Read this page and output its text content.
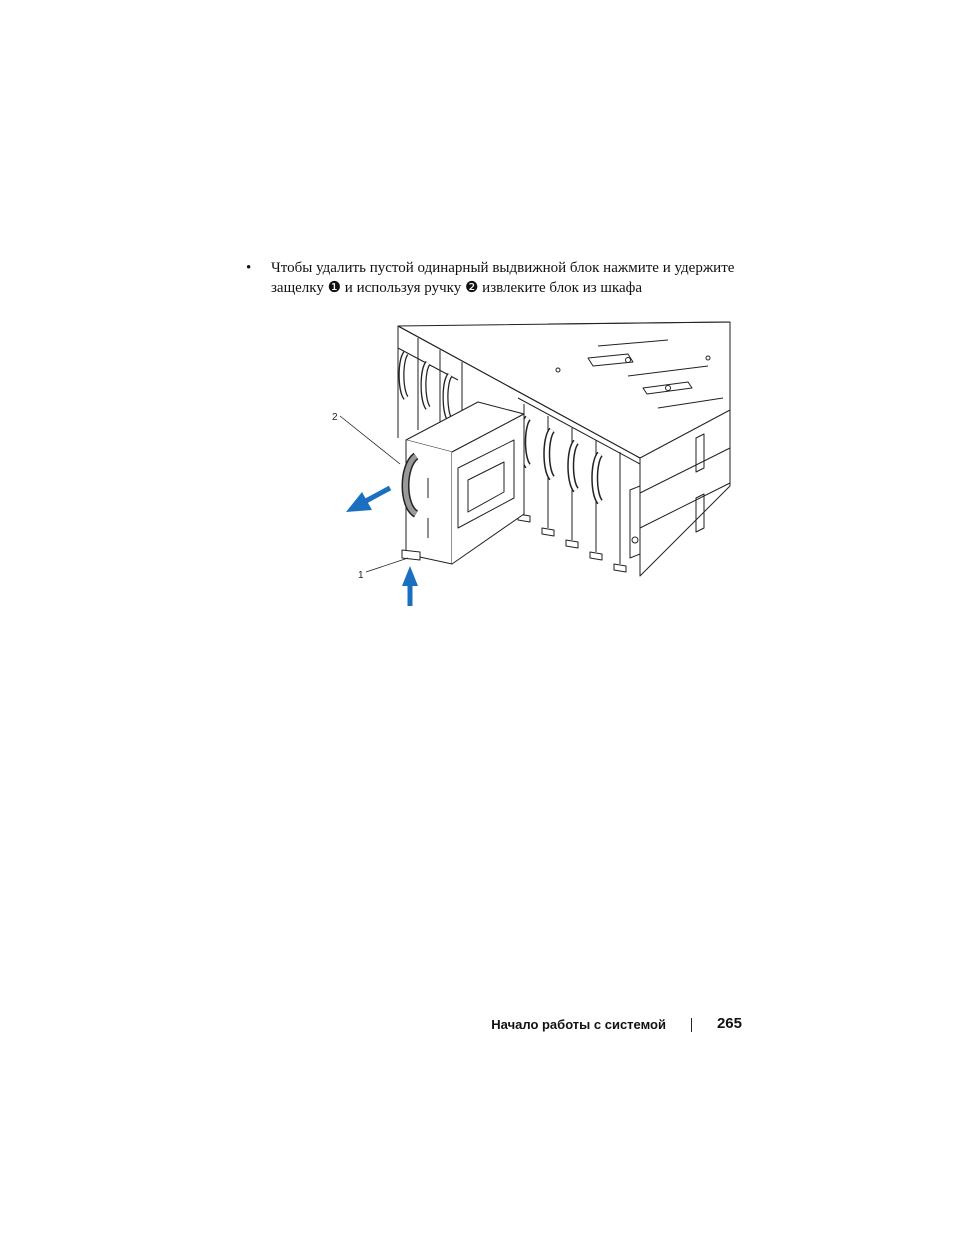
• Чтобы удалить пустой одинарный выдвижной блок нажмите и удержите защелку ❶ и используя ручку ❷ извлеките блок из шкафа
2
1
Начало работы с системой	265
